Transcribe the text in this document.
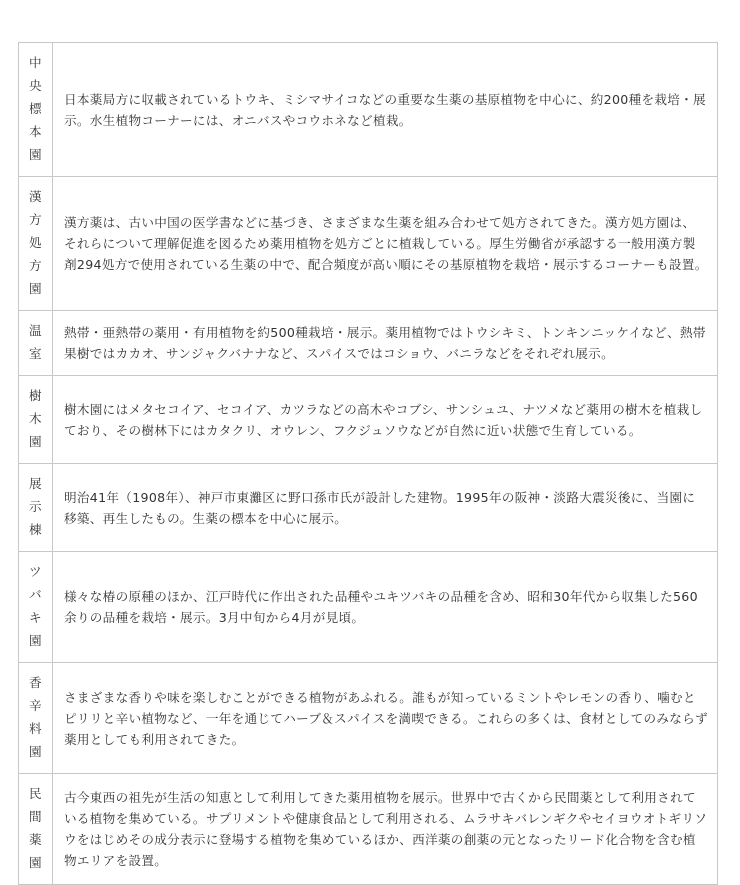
中央標本園	日本薬局方に収載されているトウキ、ミシマサイコなどの重要な生薬の基原植物を中心に、約200種を栽培・展示。水生植物コーナーには、オニバスやコウホネなど植栽。

漢方処方園	漢方薬は、古い中国の医学書などに基づき、さまざまな生薬を組み合わせて処方されてきた。漢方処方園は、それらについて理解促進を図るため薬用植物を処方ごとに植栽している。厚生労働省が承認する一般用漢方製剤294処方で使用されている生薬の中で、配合頻度が高い順にその基原植物を栽培・展示するコーナーも設置。

温室	熱帯・亜熱帯の薬用・有用植物を約500種栽培・展示。薬用植物ではトウシキミ、トンキンニッケイなど、熱帯果樹ではカカオ、サンジャクバナナなど、スパイスではコショウ、バニラなどをそれぞれ展示。

樹木園	樹木園にはメタセコイア、セコイア、カツラなどの高木やコブシ、サンシュユ、ナツメなど薬用の樹木を植栽しており、その樹林下にはカタクリ、オウレン、フクジュソウなどが自然に近い状態で生育している。

展示棟	明治41年（1908年）、神戸市東灘区に野口孫市氏が設計した建物。1995年の阪神・淡路大震災後に、当園に移築、再生したもの。生薬の標本を中心に展示。

ツバキ園	様々な椿の原種のほか、江戸時代に作出された品種やユキツバキの品種を含め、昭和30年代から収集した560余りの品種を栽培・展示。3月中旬から4月が見頃。

香辛料園	さまざまな香りや味を楽しむことができる植物があふれる。誰もが知っているミントやレモンの香り、噛むとピリリと辛い植物など、一年を通じてハーブ＆スパイスを満喫できる。これらの多くは、食材としてのみならず薬用としても利用されてきた。

民間薬園	古今東西の祖先が生活の知恵として利用してきた薬用植物を展示。世界中で古くから民間薬として利用されている植物を集めている。サプリメントや健康食品として利用される、ムラサキバレンギクやセイヨウオトギリソウをはじめその成分表示に登場する植物を集めているほか、西洋薬の創薬の元となったリード化合物を含む植物エリアを設置。
